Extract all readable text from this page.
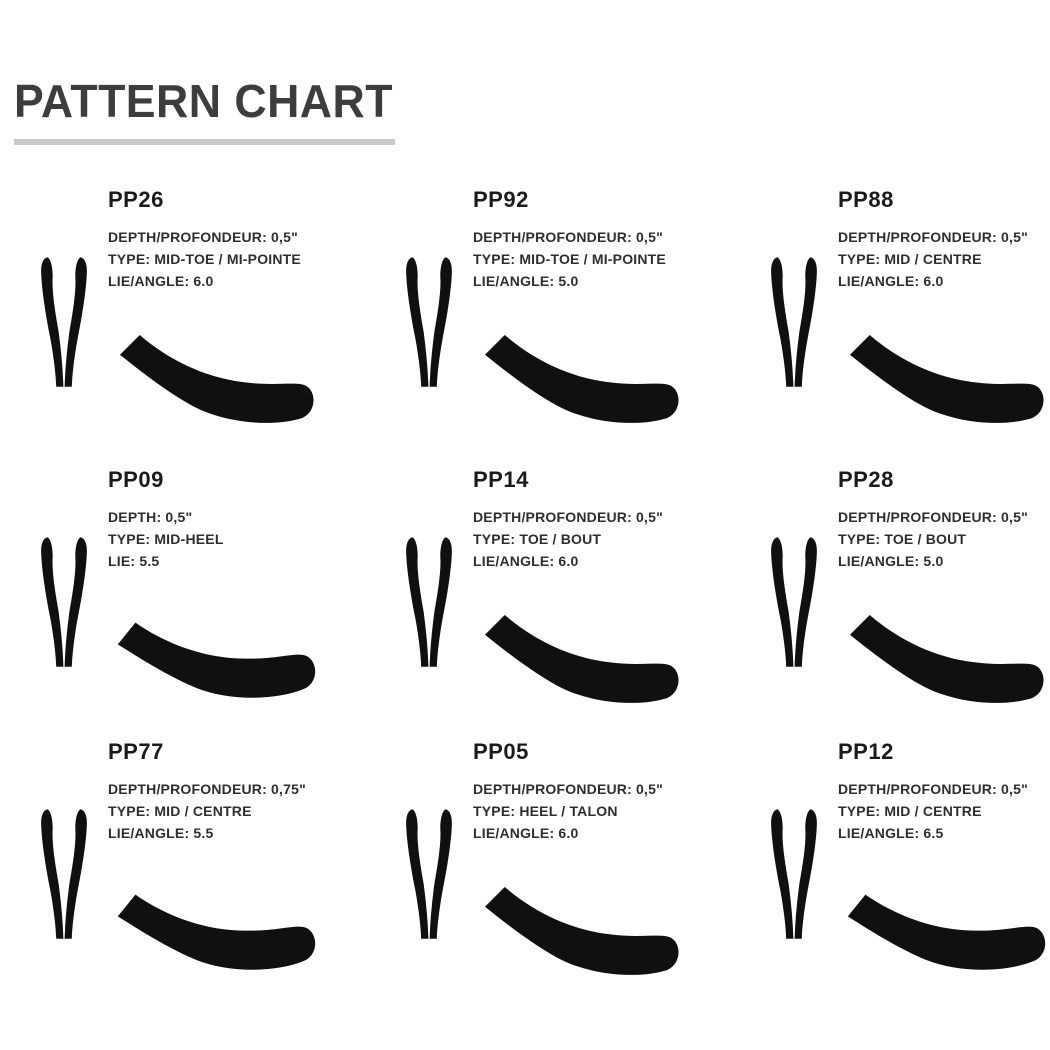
PATTERN CHART
PP26

DEPTH/PROFONDEUR: 0,5"

TYPE: MID-TOE / MI-POINTE

LIE/ANGLE: 6.0

PP92

DEPTH/PROFONDEUR: 0,5"

TYPE: MID-TOE / MI-POINTE

LIE/ANGLE: 5.0

PP88

DEPTH/PROFONDEUR: 0,5"

TYPE: MID / CENTRE

LIE/ANGLE: 6.0

PP09

DEPTH: 0,5"

TYPE: MID-HEEL

LIE: 5.5

PP14

DEPTH/PROFONDEUR: 0,5"

TYPE: TOE / BOUT

LIE/ANGLE: 6.0

PP28

DEPTH/PROFONDEUR: 0,5"

TYPE: TOE / BOUT

LIE/ANGLE: 5.0

PP77

DEPTH/PROFONDEUR: 0,75"

TYPE: MID / CENTRE

LIE/ANGLE: 5.5

PP05

DEPTH/PROFONDEUR: 0,5"

TYPE: HEEL / TALON

LIE/ANGLE: 6.0

PP12

DEPTH/PROFONDEUR: 0,5"

TYPE: MID / CENTRE

LIE/ANGLE: 6.5
